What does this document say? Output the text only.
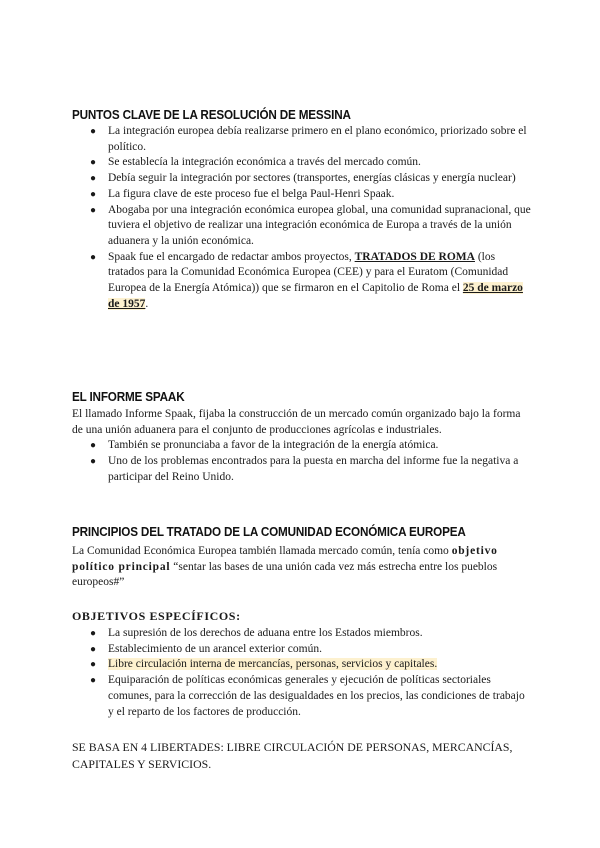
PUNTOS CLAVE DE LA RESOLUCIÓN DE MESSINA
● La integración europea debía realizarse primero en el plano económico, priorizado sobre el político.
● Se establecía la integración económica a través del mercado común.
● Debía seguir la integración por sectores (transportes, energías clásicas y energía nuclear)
● La figura clave de este proceso fue el belga Paul-Henri Spaak.
● Abogaba por una integración económica europea global, una comunidad supranacional, que tuviera el objetivo de realizar una integración económica de Europa a través de la unión aduanera y la unión económica.
● Spaak fue el encargado de redactar ambos proyectos, TRATADOS DE ROMA (los tratados para la Comunidad Económica Europea (CEE) y para el Euratom (Comunidad Europea de la Energía Atómica)) que se firmaron en el Capitolio de Roma el 25 de marzo de 1957.
EL INFORME SPAAK

El llamado Informe Spaak, fijaba la construcción de un mercado común organizado bajo la forma de una unión aduanera para el conjunto de producciones agrícolas e industriales.

● También se pronunciaba a favor de la integración de la energía atómica.
● Uno de los problemas encontrados para la puesta en marcha del informe fue la negativa a participar del Reino Unido.
PRINCIPIOS DEL TRATADO DE LA COMUNIDAD ECONÓMICA EUROPEA

La Comunidad Económica Europea también llamada mercado común, tenía como objetivo político principal “sentar las bases de una unión cada vez más estrecha entre los pueblos europeos#”

OBJETIVOS ESPECÍFICOS:
● La supresión de los derechos de aduana entre los Estados miembros.
● Establecimiento de un arancel exterior común.
● Libre circulación interna de mercancías, personas, servicios y capitales.
● Equiparación de políticas económicas generales y ejecución de políticas sectoriales comunes, para la corrección de las desigualdades en los precios, las condiciones de trabajo y el reparto de los factores de producción.
SE BASA EN 4 LIBERTADES: LIBRE CIRCULACIÓN DE PERSONAS, MERCANCÍAS, CAPITALES Y SERVICIOS.
